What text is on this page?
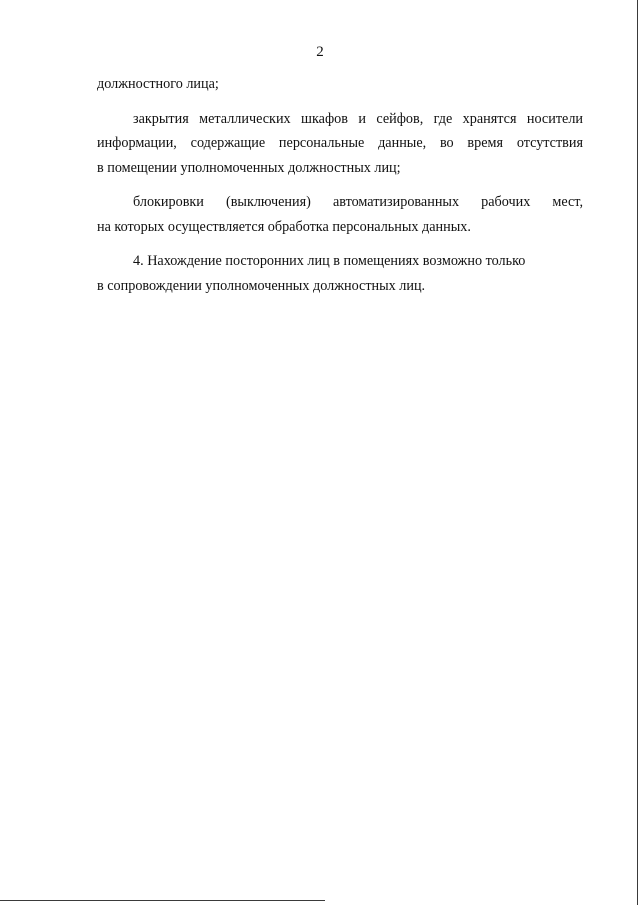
2
должностного лица;
закрытия металлических шкафов и сейфов, где хранятся носители
информации, содержащие персональные данные, во время отсутствия
в помещении уполномоченных должностных лиц;
блокировки (выключения) автоматизированных рабочих мест,
на которых осуществляется обработка персональных данных.
4. Нахождение посторонних лиц в помещениях возможно только
в сопровождении уполномоченных должностных лиц.
